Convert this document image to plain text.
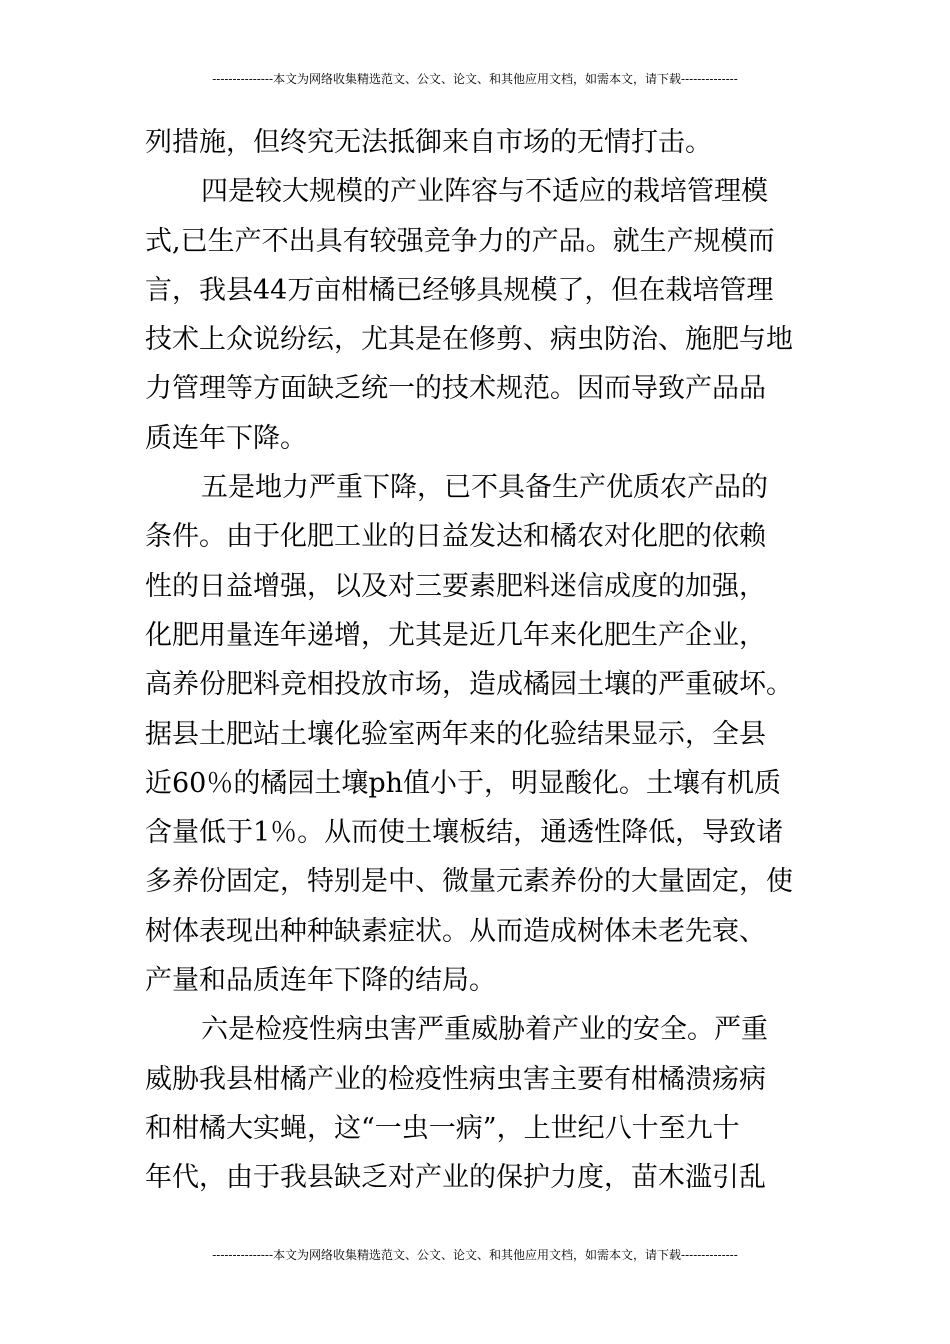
---------------本文为网络收集精选范文、公文、论文、和其他应用文档，如需本文，请下载--------------
列措施，但终究无法抵御来自市场的无情打击。
四是较大规模的产业阵容与不适应的栽培管理模
式,已生产不出具有较强竞争力的产品。就生产规模而
言，我县44万亩柑橘已经够具规模了，但在栽培管理
技术上众说纷纭，尤其是在修剪、病虫防治、施肥与地
力管理等方面缺乏统一的技术规范。因而导致产品品
质连年下降。
五是地力严重下降，已不具备生产优质农产品的
条件。由于化肥工业的日益发达和橘农对化肥的依赖
性的日益增强，以及对三要素肥料迷信成度的加强，
化肥用量连年递增，尤其是近几年来化肥生产企业，
高养份肥料竞相投放市场，造成橘园土壤的严重破坏。
据县土肥站土壤化验室两年来的化验结果显示，全县
近60％的橘园土壤ph值小于，明显酸化。土壤有机质
含量低于1％。从而使土壤板结，通透性降低，导致诸
多养份固定，特别是中、微量元素养份的大量固定，使
树体表现出种种缺素症状。从而造成树体未老先衰、
产量和品质连年下降的结局。
六是检疫性病虫害严重威胁着产业的安全。严重
威胁我县柑橘产业的检疫性病虫害主要有柑橘溃疡病
和柑橘大实蝇，这“一虫一病”，上世纪八十至九十
年代，由于我县缺乏对产业的保护力度，苗木滥引乱
---------------本文为网络收集精选范文、公文、论文、和其他应用文档，如需本文，请下载--------------
